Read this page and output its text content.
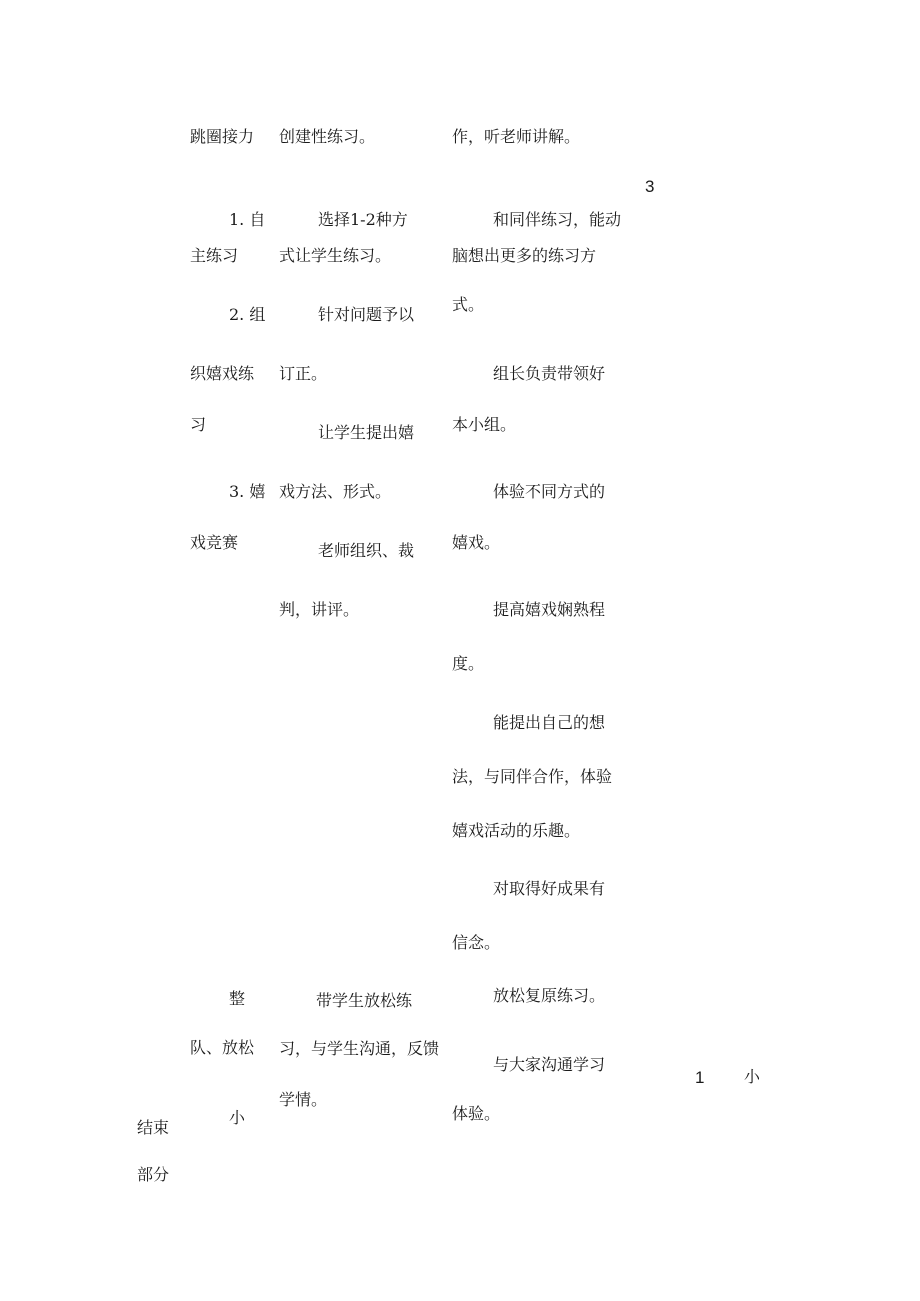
跳圈接力
1. 自
主练习
2. 组
织嬉戏练
习
3. 嬉
戏竞赛
整
队、放松
小
结束
部分
创建性练习。
选择1-2种方
式让学生练习。
针对问题予以
订正。
让学生提出嬉
戏方法、形式。
老师组织、裁
判，讲评。
带学生放松练
习，与学生沟通，反馈
学情。
作，听老师讲解。
和同伴练习，能动
脑想出更多的练习方
式。
组长负责带领好
本小组。
体验不同方式的
嬉戏。
提高嬉戏娴熟程
度。
能提出自己的想
法，与同伴合作，体验
嬉戏活动的乐趣。
对取得好成果有
信念。
放松复原练习。
与大家沟通学习
体验。
3
1 小
